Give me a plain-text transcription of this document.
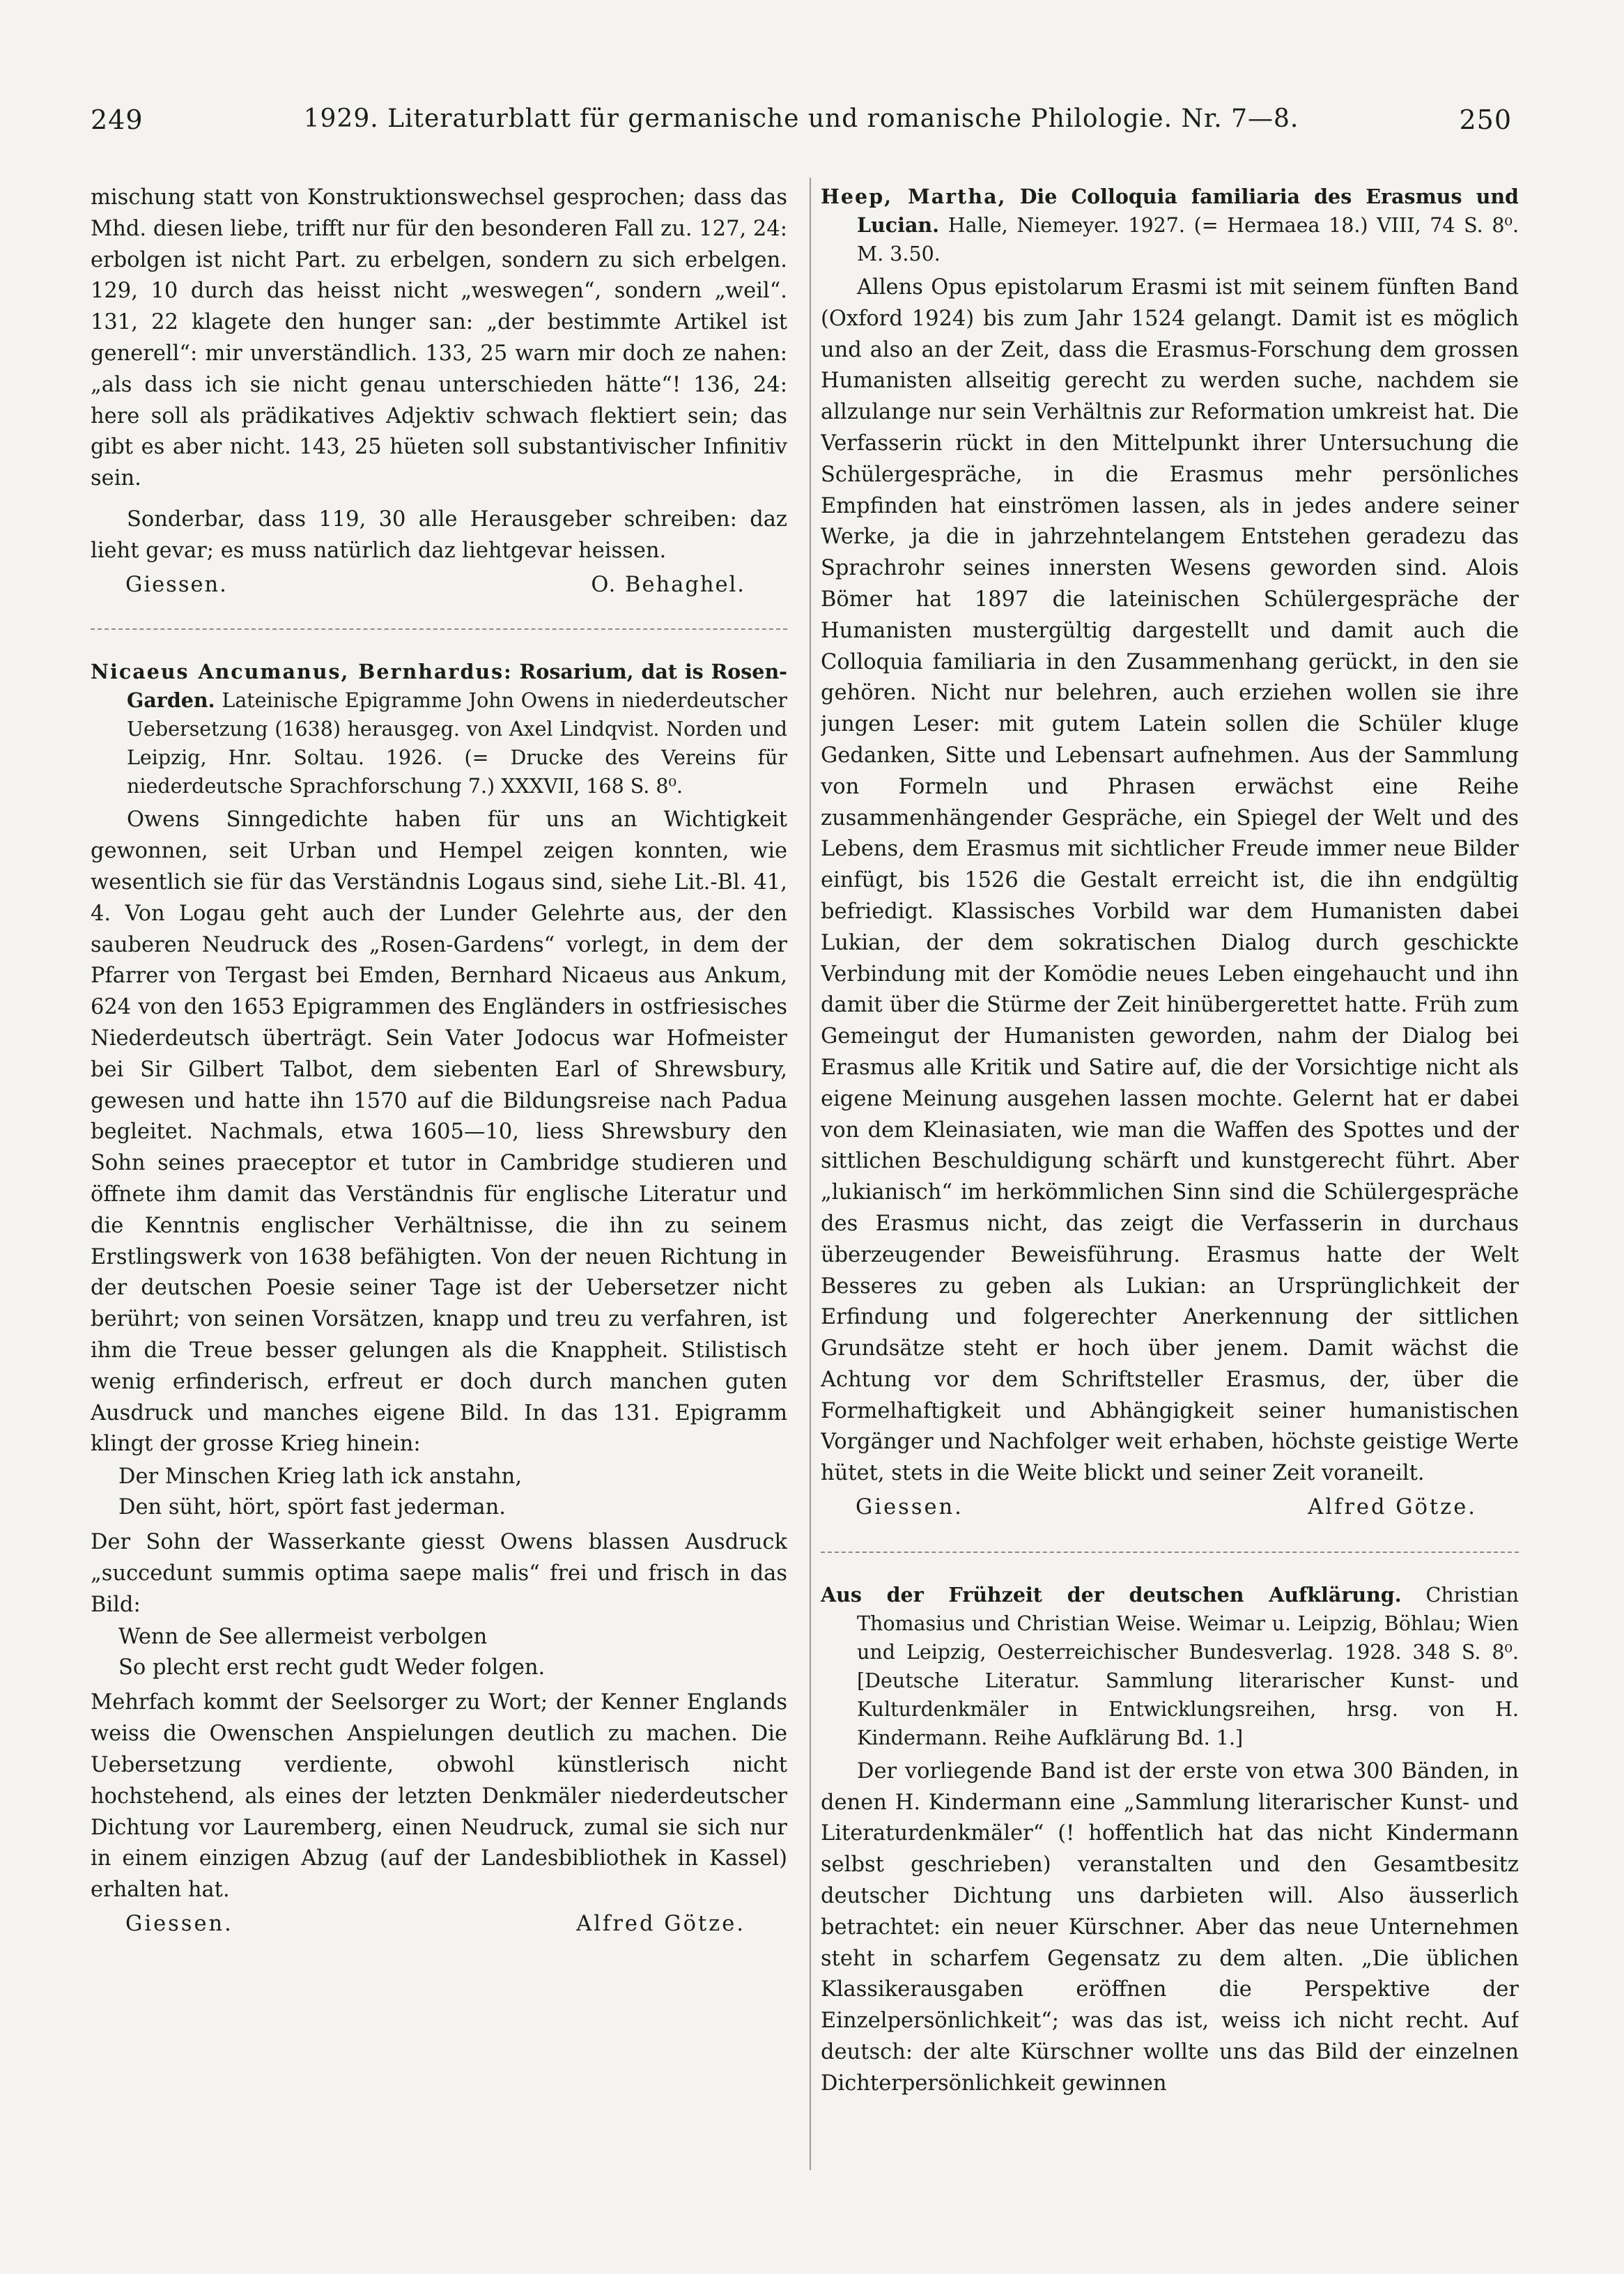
249	1929. Literaturblatt für germanische und romanische Philologie. Nr. 7—8.	250

mischung statt von Konstruktionswechsel gesprochen; dass das Mhd. diesen liebe, trifft nur für den besonderen Fall zu. 127, 24: erbolgen ist nicht Part. zu erbelgen, sondern zu sich erbelgen. 129, 10 durch das heisst nicht „weswegen“, sondern „weil“. 131, 22 klagete den hunger san: „der bestimmte Artikel ist generell“: mir unverständlich. 133, 25 warn mir doch ze nahen: „als dass ich sie nicht genau unterschieden hätte“! 136, 24: here soll als prädikatives Adjektiv schwach flektiert sein; das gibt es aber nicht. 143, 25 hüeten soll substantivischer Infinitiv sein.

Sonderbar, dass 119, 30 alle Herausgeber schreiben: daz lieht gevar; es muss natürlich daz liehtgevar heissen.

Giessen.	O. Behaghel.
Nicaeus Ancumanus, Bernhardus: Rosarium, dat is Rosen-Garden. Lateinische Epigramme John Owens in niederdeutscher Uebersetzung (1638) herausgeg. von Axel Lindqvist. Norden und Leipzig, Hnr. Soltau. 1926. (= Drucke des Vereins für niederdeutsche Sprachforschung 7.) XXXVII, 168 S. 8⁰.

Owens Sinngedichte haben für uns an Wichtigkeit gewonnen, seit Urban und Hempel zeigen konnten, wie wesentlich sie für das Verständnis Logaus sind, siehe Lit.-Bl. 41, 4. Von Logau geht auch der Lunder Gelehrte aus, der den sauberen Neudruck des „Rosen-Gardens“ vorlegt, in dem der Pfarrer von Tergast bei Emden, Bernhard Nicaeus aus Ankum, 624 von den 1653 Epigrammen des Engländers in ostfriesisches Niederdeutsch überträgt. Sein Vater Jodocus war Hofmeister bei Sir Gilbert Talbot, dem siebenten Earl of Shrewsbury, gewesen und hatte ihn 1570 auf die Bildungsreise nach Padua begleitet. Nachmals, etwa 1605—10, liess Shrewsbury den Sohn seines praeceptor et tutor in Cambridge studieren und öffnete ihm damit das Verständnis für englische Literatur und die Kenntnis englischer Verhältnisse, die ihn zu seinem Erstlingswerk von 1638 befähigten. Von der neuen Richtung in der deutschen Poesie seiner Tage ist der Uebersetzer nicht berührt; von seinen Vorsätzen, knapp und treu zu verfahren, ist ihm die Treue besser gelungen als die Knappheit. Stilistisch wenig erfinderisch, erfreut er doch durch manchen guten Ausdruck und manches eigene Bild. In das 131. Epigramm klingt der grosse Krieg hinein:

Der Minschen Krieg lath ick anstahn,
Den süht, hört, spört fast jederman.

Der Sohn der Wasserkante giesst Owens blassen Ausdruck „succedunt summis optima saepe malis“ frei und frisch in das Bild:

Wenn de See allermeist verbolgen
So plecht erst recht gudt Weder folgen.

Mehrfach kommt der Seelsorger zu Wort; der Kenner Englands weiss die Owenschen Anspielungen deutlich zu machen. Die Uebersetzung verdiente, obwohl künstlerisch nicht hochstehend, als eines der letzten Denkmäler niederdeutscher Dichtung vor Lauremberg, einen Neudruck, zumal sie sich nur in einem einzigen Abzug (auf der Landesbibliothek in Kassel) erhalten hat.

Giessen.	Alfred Götze.
Heep, Martha, Die Colloquia familiaria des Erasmus und Lucian. Halle, Niemeyer. 1927. (= Hermaea 18.) VIII, 74 S. 8⁰. M. 3.50.

Allens Opus epistolarum Erasmi ist mit seinem fünften Band (Oxford 1924) bis zum Jahr 1524 gelangt. Damit ist es möglich und also an der Zeit, dass die Erasmus-Forschung dem grossen Humanisten allseitig gerecht zu werden suche, nachdem sie allzulange nur sein Verhältnis zur Reformation umkreist hat. Die Verfasserin rückt in den Mittelpunkt ihrer Untersuchung die Schülergespräche, in die Erasmus mehr persönliches Empfinden hat einströmen lassen, als in jedes andere seiner Werke, ja die in jahrzehntelangem Entstehen geradezu das Sprachrohr seines innersten Wesens geworden sind. Alois Bömer hat 1897 die lateinischen Schülergespräche der Humanisten mustergültig dargestellt und damit auch die Colloquia familiaria in den Zusammenhang gerückt, in den sie gehören. Nicht nur belehren, auch erziehen wollen sie ihre jungen Leser: mit gutem Latein sollen die Schüler kluge Gedanken, Sitte und Lebensart aufnehmen. Aus der Sammlung von Formeln und Phrasen erwächst eine Reihe zusammenhängender Gespräche, ein Spiegel der Welt und des Lebens, dem Erasmus mit sichtlicher Freude immer neue Bilder einfügt, bis 1526 die Gestalt erreicht ist, die ihn endgültig befriedigt. Klassisches Vorbild war dem Humanisten dabei Lukian, der dem sokratischen Dialog durch geschickte Verbindung mit der Komödie neues Leben eingehaucht und ihn damit über die Stürme der Zeit hinübergerettet hatte. Früh zum Gemeingut der Humanisten geworden, nahm der Dialog bei Erasmus alle Kritik und Satire auf, die der Vorsichtige nicht als eigene Meinung ausgehen lassen mochte. Gelernt hat er dabei von dem Kleinasiaten, wie man die Waffen des Spottes und der sittlichen Beschuldigung schärft und kunstgerecht führt. Aber „lukianisch“ im herkömmlichen Sinn sind die Schülergespräche des Erasmus nicht, das zeigt die Verfasserin in durchaus überzeugender Beweisführung. Erasmus hatte der Welt Besseres zu geben als Lukian: an Ursprünglichkeit der Erfindung und folgerechter Anerkennung der sittlichen Grundsätze steht er hoch über jenem. Damit wächst die Achtung vor dem Schriftsteller Erasmus, der, über die Formelhaftigkeit und Abhängigkeit seiner humanistischen Vorgänger und Nachfolger weit erhaben, höchste geistige Werte hütet, stets in die Weite blickt und seiner Zeit voraneilt.

Giessen.	Alfred Götze.
Aus der Frühzeit der deutschen Aufklärung. Christian Thomasius und Christian Weise. Weimar u. Leipzig, Böhlau; Wien und Leipzig, Oesterreichischer Bundesverlag. 1928. 348 S. 8⁰. [Deutsche Literatur. Sammlung literarischer Kunst- und Kulturdenkmäler in Entwicklungsreihen, hrsg. von H. Kindermann. Reihe Aufklärung Bd. 1.]

Der vorliegende Band ist der erste von etwa 300 Bänden, in denen H. Kindermann eine „Sammlung literarischer Kunst- und Literaturdenkmäler“ (! hoffentlich hat das nicht Kindermann selbst geschrieben) veranstalten und den Gesamtbesitz deutscher Dichtung uns darbieten will. Also äusserlich betrachtet: ein neuer Kürschner. Aber das neue Unternehmen steht in scharfem Gegensatz zu dem alten. „Die üblichen Klassikerausgaben eröffnen die Perspektive der Einzelpersönlichkeit“; was das ist, weiss ich nicht recht. Auf deutsch: der alte Kürschner wollte uns das Bild der einzelnen Dichterpersönlichkeit gewinnen
